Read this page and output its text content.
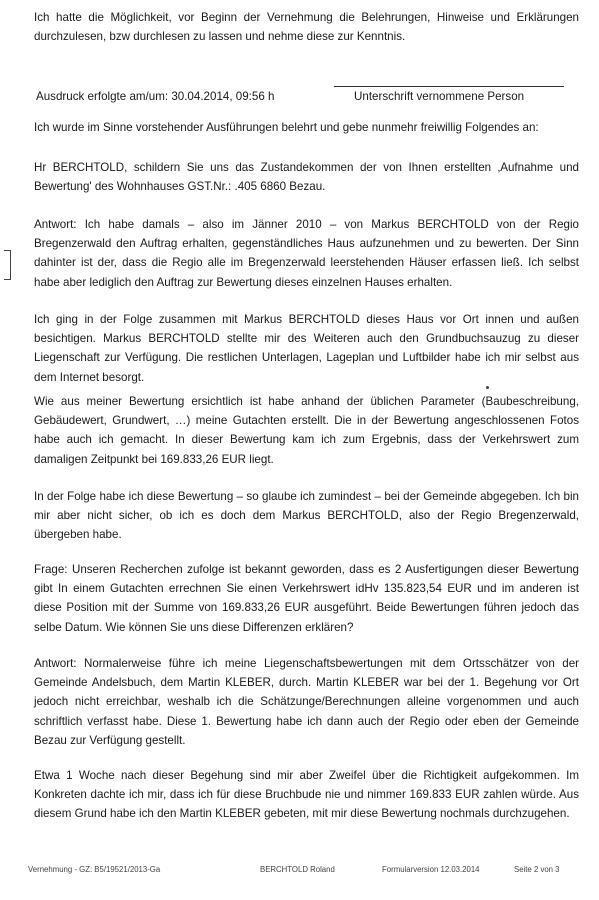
Ich hatte die Möglichkeit, vor Beginn der Vernehmung die Belehrungen, Hinweise und Erklärungen durchzulesen, bzw durchlesen zu lassen und nehme diese zur Kenntnis.

Ausdruck erfolgte am/um: 30.04.2014, 09:56 h	Unterschrift vernommene Person

Ich wurde im Sinne vorstehender Ausführungen belehrt und gebe nunmehr freiwillig Folgendes an:

Hr BERCHTOLD, schildern Sie uns das Zustandekommen der von Ihnen erstellten ‚Aufnahme und Bewertung' des Wohnhauses GST.Nr.: .405 6860 Bezau.

Antwort: Ich habe damals – also im Jänner 2010 – von Markus BERCHTOLD von der Regio Bregenzerwald den Auftrag erhalten, gegenständliches Haus aufzunehmen und zu bewerten. Der Sinn dahinter ist der, dass die Regio alle im Bregenzerwald leerstehenden Häuser erfassen ließ. Ich selbst habe aber lediglich den Auftrag zur Bewertung dieses einzelnen Hauses erhalten.

Ich ging in der Folge zusammen mit Markus BERCHTOLD dieses Haus vor Ort innen und außen besichtigen. Markus BERCHTOLD stellte mir des Weiteren auch den Grundbuchsauzug zu dieser Liegenschaft zur Verfügung. Die restlichen Unterlagen, Lageplan und Luftbilder habe ich mir selbst aus dem Internet besorgt.

Wie aus meiner Bewertung ersichtlich ist habe anhand der üblichen Parameter (Baubeschreibung, Gebäudewert, Grundwert, …) meine Gutachten erstellt. Die in der Bewertung angeschlossenen Fotos habe auch ich gemacht. In dieser Bewertung kam ich zum Ergebnis, dass der Verkehrswert zum damaligen Zeitpunkt bei 169.833,26 EUR liegt.

In der Folge habe ich diese Bewertung – so glaube ich zumindest – bei der Gemeinde abgegeben. Ich bin mir aber nicht sicher, ob ich es doch dem Markus BERCHTOLD, also der Regio Bregenzerwald, übergeben habe.

Frage: Unseren Recherchen zufolge ist bekannt geworden, dass es 2 Ausfertigungen dieser Bewertung gibt In einem Gutachten errechnen Sie einen Verkehrswert idHv 135.823,54 EUR und im anderen ist diese Position mit der Summe von 169.833,26 EUR ausgeführt. Beide Bewertungen führen jedoch das selbe Datum. Wie können Sie uns diese Differenzen erklären?

Antwort: Normalerweise führe ich meine Liegenschaftsbewertungen mit dem Ortsschätzer von der Gemeinde Andelsbuch, dem Martin KLEBER, durch. Martin KLEBER war bei der 1. Begehung vor Ort jedoch nicht erreichbar, weshalb ich die Schätzunge/Berechnungen alleine vorgenommen und auch schriftlich verfasst habe. Diese 1. Bewertung habe ich dann auch der Regio oder eben der Gemeinde Bezau zur Verfügung gestellt.

Etwa 1 Woche nach dieser Begehung sind mir aber Zweifel über die Richtigkeit aufgekommen. Im Konkreten dachte ich mir, dass ich für diese Bruchbude nie und nimmer 169.833 EUR zahlen würde. Aus diesem Grund habe ich den Martin KLEBER gebeten, mit mir diese Bewertung nochmals durchzugehen.

Vernehmung - GZ: B5/19521/2013-Ga	BERCHTOLD Roland	Formularversion 12.03.2014	Seite 2 von 3
